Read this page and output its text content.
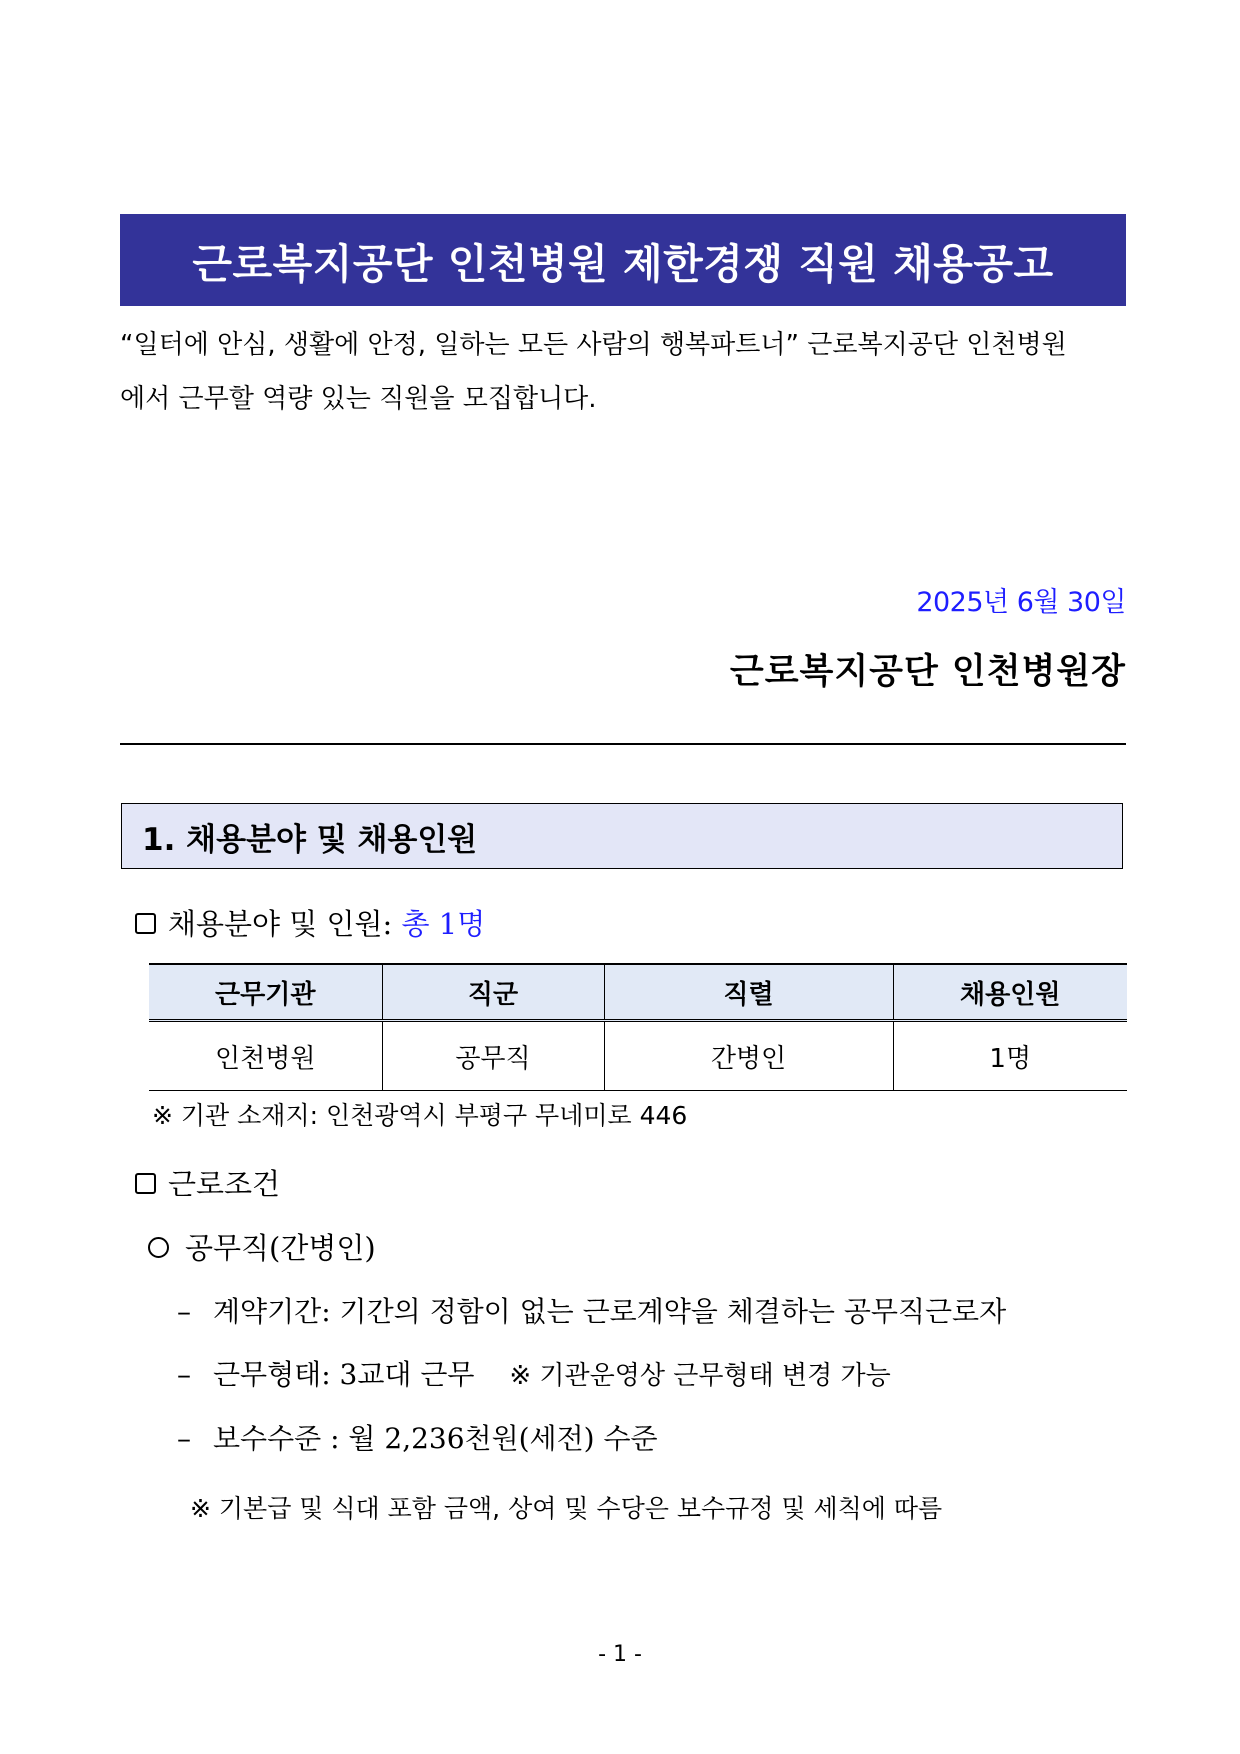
근로복지공단 인천병원 제한경쟁 직원 채용공고
“일터에 안심, 생활에 안정, 일하는 모든 사람의 행복파트너” 근로복지공단 인천병원
에서 근무할 역량 있는 직원을 모집합니다.
2025년 6월 30일
근로복지공단 인천병원장
1. 채용분야 및 채용인원
채용분야 및 인원: 총 1명
근무기관	직군	직렬	채용인원
인천병원	공무직	간병인	1명
※ 기관 소재지: 인천광역시 부평구 무네미로 446
근로조건
공무직(간병인)
– 계약기간: 기간의 정함이 없는 근로계약을 체결하는 공무직근로자
– 근무형태: 3교대 근무 ※ 기관운영상 근무형태 변경 가능
– 보수수준 : 월 2,236천원(세전) 수준
※ 기본급 및 식대 포함 금액, 상여 및 수당은 보수규정 및 세칙에 따름
- 1 -
